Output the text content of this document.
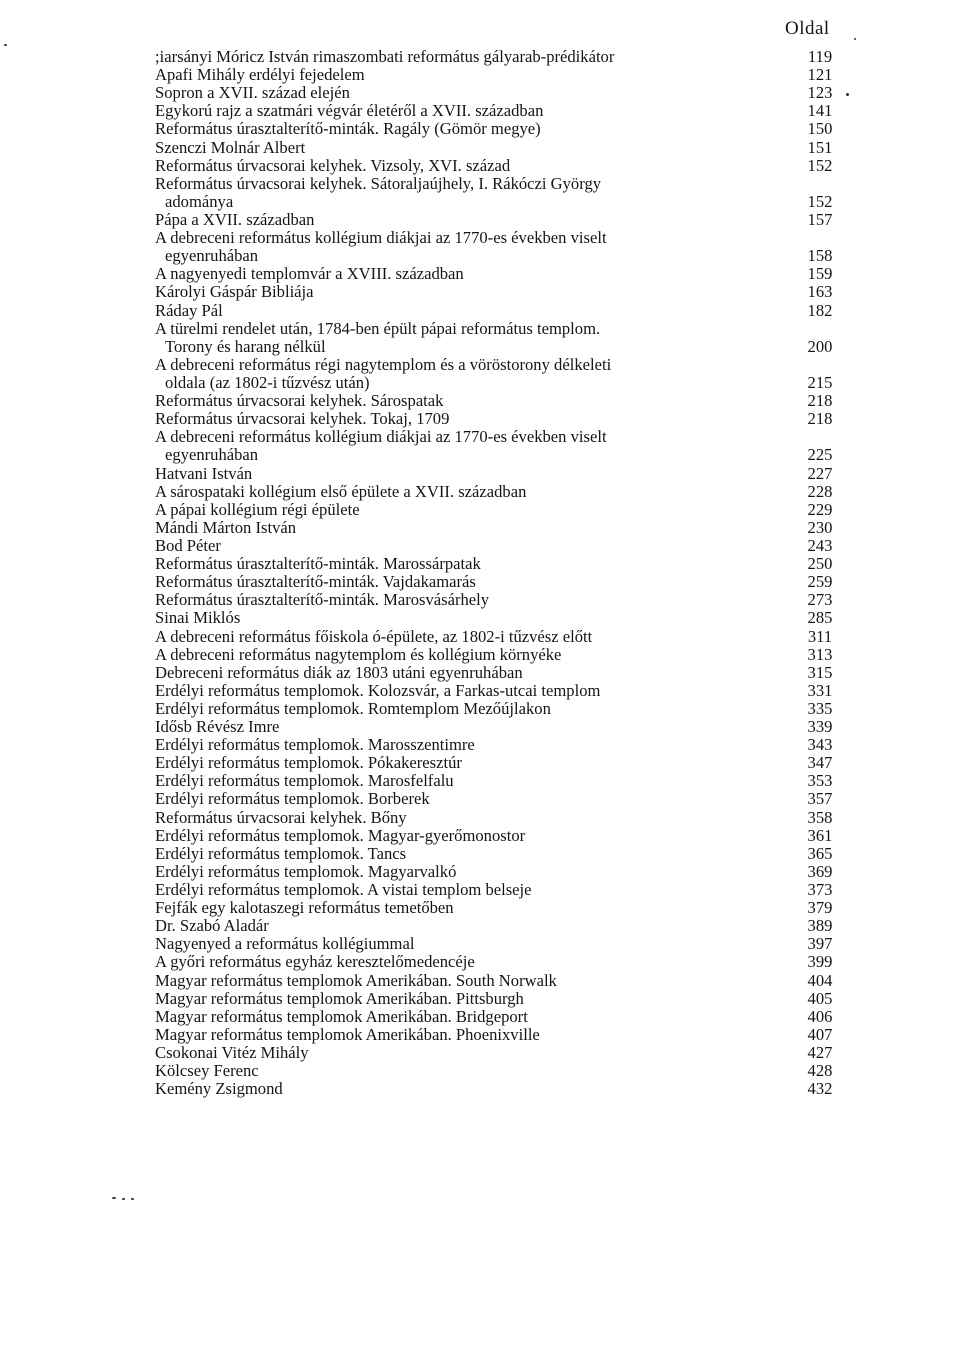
Oldal
;iarsányi Móricz István rimaszombati református gályarab-prédikátor	119
Apafi Mihály erdélyi fejedelem	121
Sopron a XVII. század elején	123
Egykorú rajz a szatmári végvár életéről a XVII. században	141
Református úrasztalterítő-minták. Ragály (Gömör megye)	150
Szenczi Molnár Albert	151
Református úrvacsorai kelyhek. Vizsoly, XVI. század	152
Református úrvacsorai kelyhek. Sátoraljaújhely, I. Rákóczi György
adománya	152
Pápa a XVII. században	157
A debreceni református kollégium diákjai az 1770-es években viselt
egyenruhában	158
A nagyenyedi templomvár a XVIII. században	159
Károlyi Gáspár Bibliája	163
Ráday Pál	182
A türelmi rendelet után, 1784-ben épült pápai református templom.
Torony és harang nélkül	200
A debreceni református régi nagytemplom és a vöröstorony délkeleti
oldala (az 1802-i tűzvész után)	215
Református úrvacsorai kelyhek. Sárospatak	218
Református úrvacsorai kelyhek. Tokaj, 1709	218
A debreceni református kollégium diákjai az 1770-es években viselt
egyenruhában	225
Hatvani István	227
A sárospataki kollégium első épülete a XVII. században	228
A pápai kollégium régi épülete	229
Mándi Márton István	230
Bod Péter	243
Református úrasztalterítő-minták. Marossárpatak	250
Református úrasztalterítő-minták. Vajdakamarás	259
Református úrasztalterítő-minták. Marosvásárhely	273
Sinai Miklós	285
A debreceni református főiskola ó-épülete, az 1802-i tűzvész előtt	311
A debreceni református nagytemplom és kollégium környéke	313
Debreceni református diák az 1803 utáni egyenruhában	315
Erdélyi református templomok. Kolozsvár, a Farkas-utcai templom	331
Erdélyi református templomok. Romtemplom Mezőújlakon	335
Idősb Révész Imre	339
Erdélyi református templomok. Marosszentimre	343
Erdélyi református templomok. Pókakeresztúr	347
Erdélyi református templomok. Marosfelfalu	353
Erdélyi református templomok. Borberek	357
Református úrvacsorai kelyhek. Bőny	358
Erdélyi református templomok. Magyar-gyerőmonostor	361
Erdélyi református templomok. Tancs	365
Erdélyi református templomok. Magyarvalkó	369
Erdélyi református templomok. A vistai templom belseje	373
Fejfák egy kalotaszegi református temetőben	379
Dr. Szabó Aladár	389
Nagyenyed a református kollégiummal	397
A győri református egyház keresztelőmedencéje	399
Magyar református templomok Amerikában. South Norwalk	404
Magyar református templomok Amerikában. Pittsburgh	405
Magyar református templomok Amerikában. Bridgeport	406
Magyar református templomok Amerikában. Phoenixville	407
Csokonai Vitéz Mihály	427
Kölcsey Ferenc	428
Kemény Zsigmond	432
